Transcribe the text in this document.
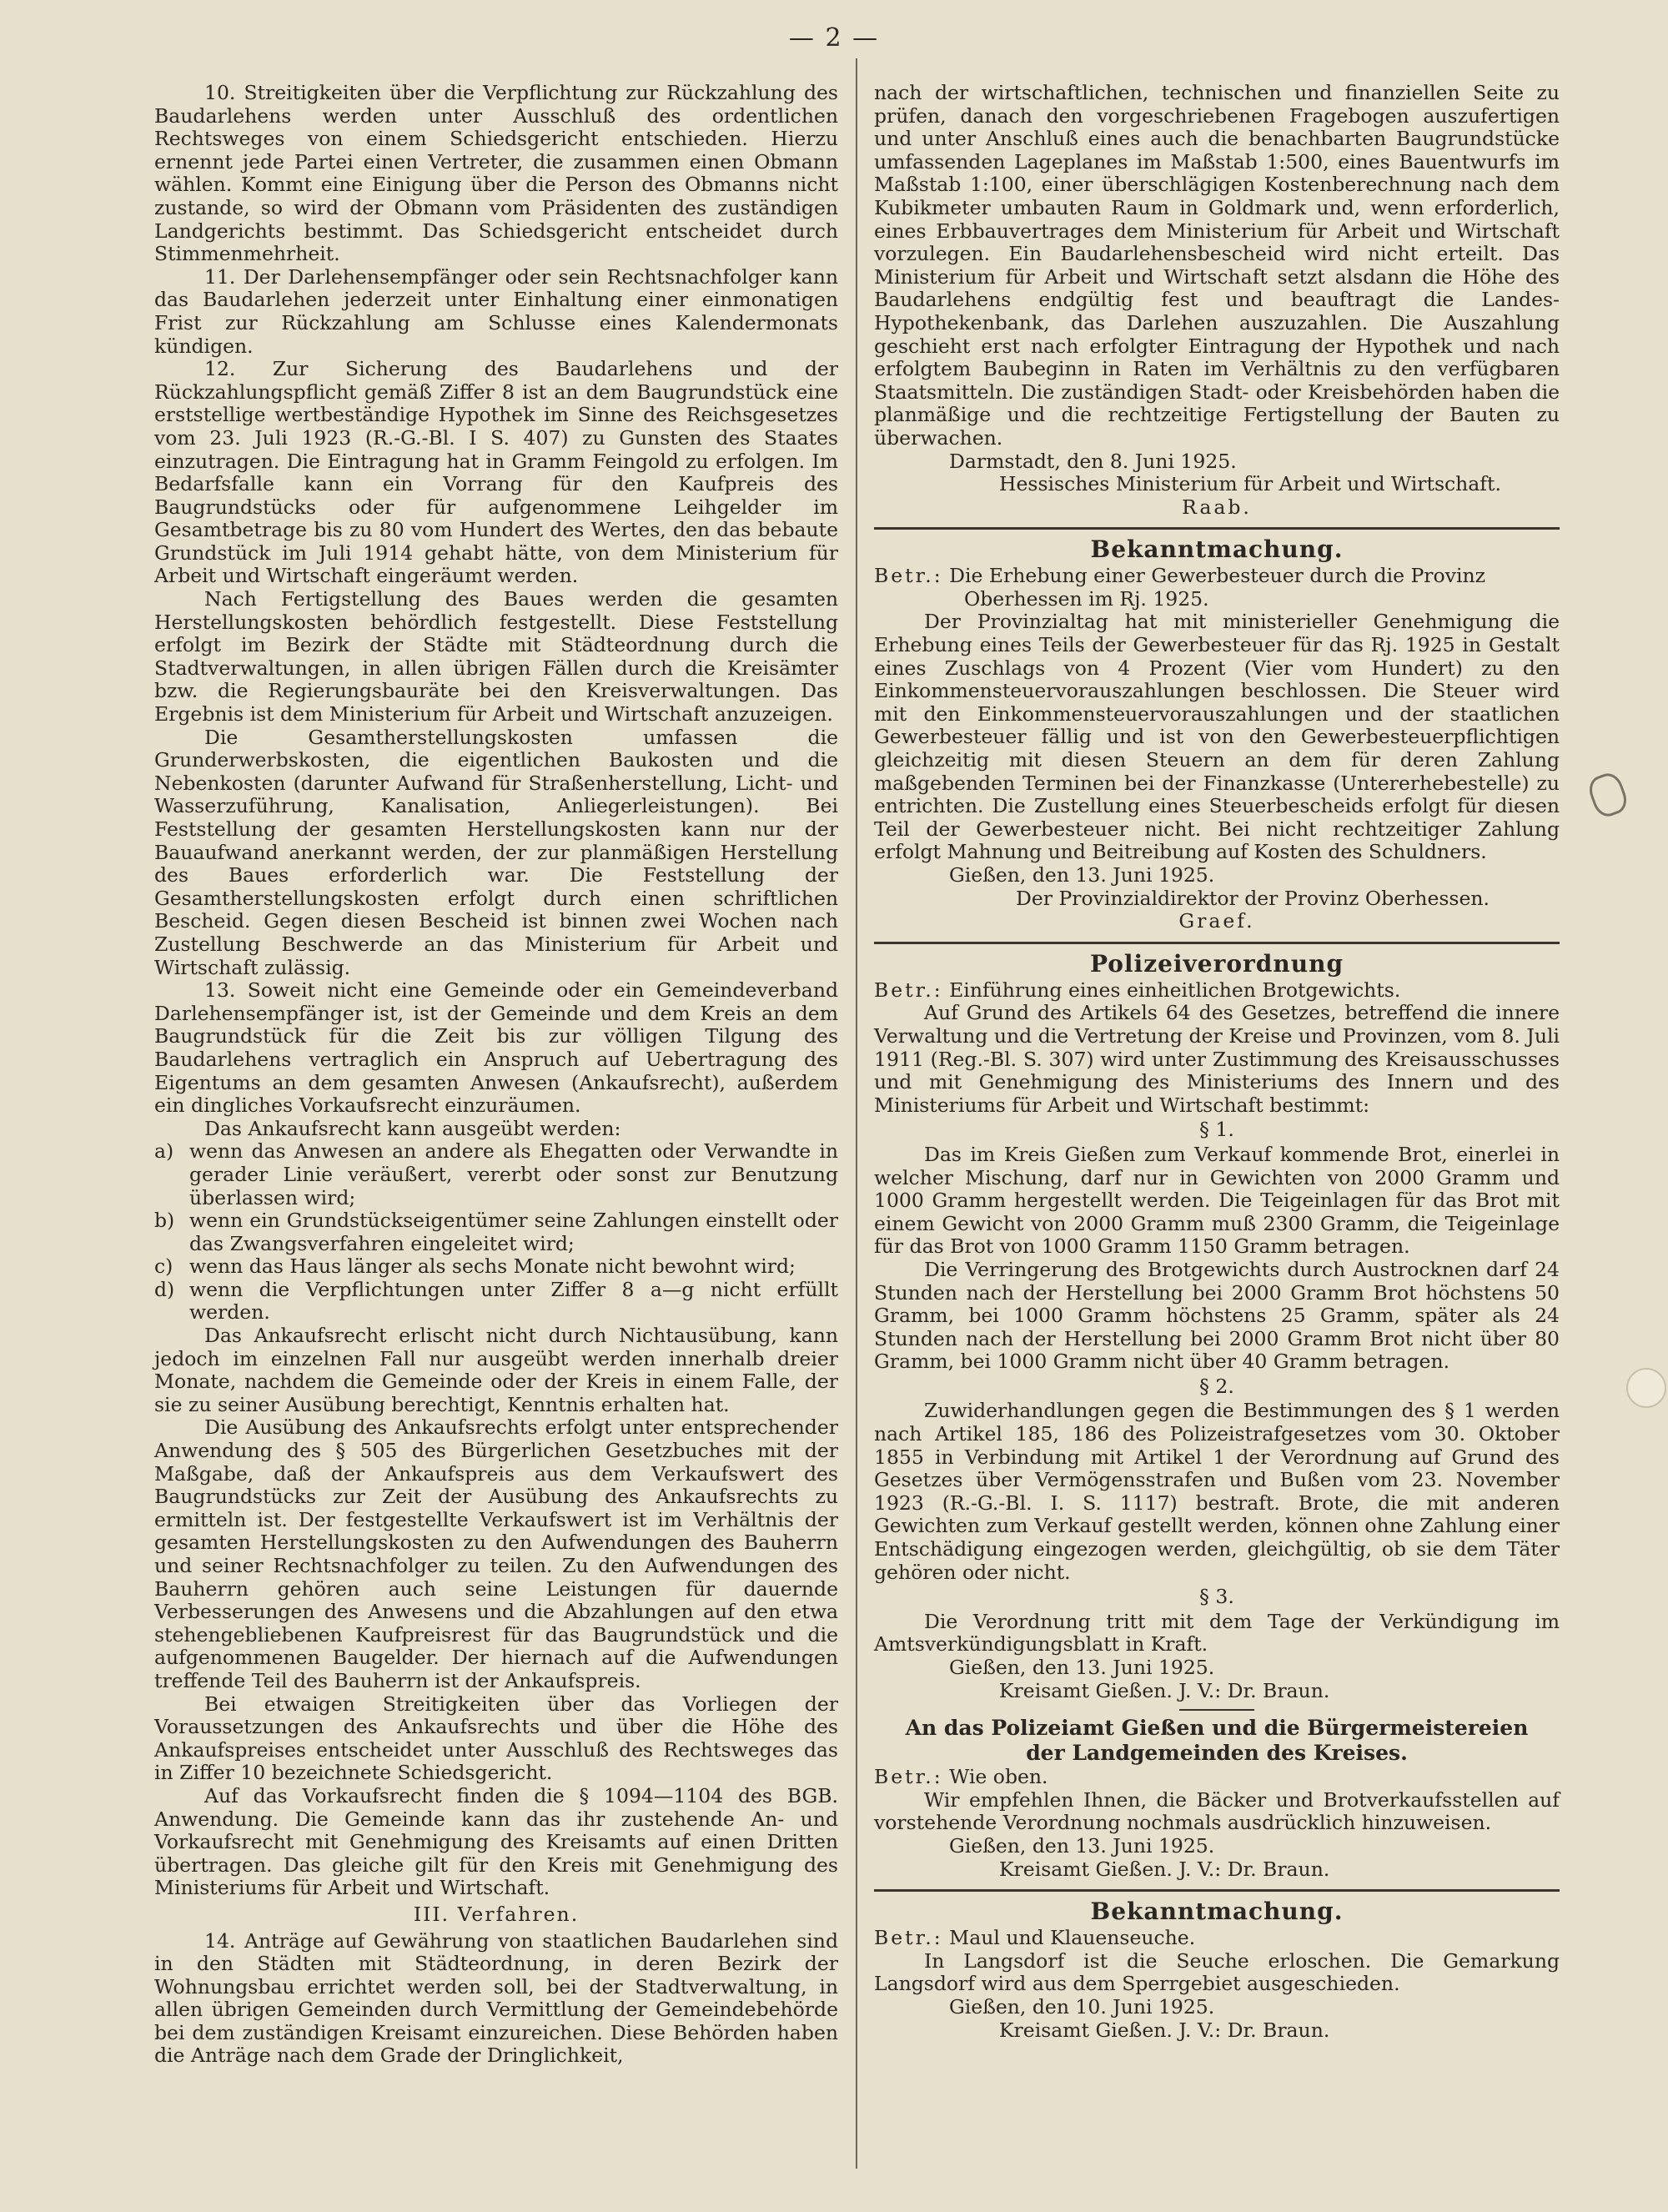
— 2 —

10. Streitigkeiten über die Verpflichtung zur Rückzahlung des Baudarlehens werden unter Ausschluß des ordentlichen Rechtsweges von einem Schiedsgericht entschieden. Hierzu ernennt jede Partei einen Vertreter, die zusammen einen Obmann wählen. Kommt eine Einigung über die Person des Obmanns nicht zustande, so wird der Obmann vom Präsidenten des zuständigen Landgerichts bestimmt. Das Schiedsgericht entscheidet durch Stimmenmehrheit.

11. Der Darlehensempfänger oder sein Rechtsnachfolger kann das Baudarlehen jederzeit unter Einhaltung einer einmonatigen Frist zur Rückzahlung am Schlusse eines Kalendermonats kündigen.

12. Zur Sicherung des Baudarlehens und der Rückzahlungspflicht gemäß Ziffer 8 ist an dem Baugrundstück eine erststellige wertbeständige Hypothek im Sinne des Reichsgesetzes vom 23. Juli 1923 (R.-G.-Bl. I S. 407) zu Gunsten des Staates einzutragen. Die Eintragung hat in Gramm Feingold zu erfolgen. Im Bedarfsfalle kann ein Vorrang für den Kaufpreis des Baugrundstücks oder für aufgenommene Leihgelder im Gesamtbetrage bis zu 80 vom Hundert des Wertes, den das bebaute Grundstück im Juli 1914 gehabt hätte, von dem Ministerium für Arbeit und Wirtschaft eingeräumt werden.

Nach Fertigstellung des Baues werden die gesamten Herstellungskosten behördlich festgestellt. Diese Feststellung erfolgt im Bezirk der Städte mit Städteordnung durch die Stadtverwaltungen, in allen übrigen Fällen durch die Kreisämter bzw. die Regierungsbauräte bei den Kreisverwaltungen. Das Ergebnis ist dem Ministerium für Arbeit und Wirtschaft anzuzeigen.

Die Gesamtherstellungskosten umfassen die Grunderwerbskosten, die eigentlichen Baukosten und die Nebenkosten (darunter Aufwand für Straßenherstellung, Licht- und Wasserzuführung, Kanalisation, Anliegerleistungen). Bei Feststellung der gesamten Herstellungskosten kann nur der Bauaufwand anerkannt werden, der zur planmäßigen Herstellung des Baues erforderlich war. Die Feststellung der Gesamtherstellungskosten erfolgt durch einen schriftlichen Bescheid. Gegen diesen Bescheid ist binnen zwei Wochen nach Zustellung Beschwerde an das Ministerium für Arbeit und Wirtschaft zulässig.

13. Soweit nicht eine Gemeinde oder ein Gemeindeverband Darlehensempfänger ist, ist der Gemeinde und dem Kreis an dem Baugrundstück für die Zeit bis zur völligen Tilgung des Baudarlehens vertraglich ein Anspruch auf Uebertragung des Eigentums an dem gesamten Anwesen (Ankaufsrecht), außerdem ein dingliches Vorkaufsrecht einzuräumen.

Das Ankaufsrecht kann ausgeübt werden:

a) wenn das Anwesen an andere als Ehegatten oder Verwandte in gerader Linie veräußert, vererbt oder sonst zur Benutzung überlassen wird;
b) wenn ein Grundstückseigentümer seine Zahlungen einstellt oder das Zwangsverfahren eingeleitet wird;
c) wenn das Haus länger als sechs Monate nicht bewohnt wird;
d) wenn die Verpflichtungen unter Ziffer 8 a—g nicht erfüllt werden.

Das Ankaufsrecht erlischt nicht durch Nichtausübung, kann jedoch im einzelnen Fall nur ausgeübt werden innerhalb dreier Monate, nachdem die Gemeinde oder der Kreis in einem Falle, der sie zu seiner Ausübung berechtigt, Kenntnis erhalten hat.

Die Ausübung des Ankaufsrechts erfolgt unter entsprechender Anwendung des § 505 des Bürgerlichen Gesetzbuches mit der Maßgabe, daß der Ankaufspreis aus dem Verkaufswert des Baugrundstücks zur Zeit der Ausübung des Ankaufsrechts zu ermitteln ist. Der festgestellte Verkaufswert ist im Verhältnis der gesamten Herstellungskosten zu den Aufwendungen des Bauherrn und seiner Rechtsnachfolger zu teilen. Zu den Aufwendungen des Bauherrn gehören auch seine Leistungen für dauernde Verbesserungen des Anwesens und die Abzahlungen auf den etwa stehengebliebenen Kaufpreisrest für das Baugrundstück und die aufgenommenen Baugelder. Der hiernach auf die Aufwendungen treffende Teil des Bauherrn ist der Ankaufspreis.

Bei etwaigen Streitigkeiten über das Vorliegen der Voraussetzungen des Ankaufsrechts und über die Höhe des Ankaufspreises entscheidet unter Ausschluß des Rechtsweges das in Ziffer 10 bezeichnete Schiedsgericht.

Auf das Vorkaufsrecht finden die § 1094—1104 des BGB. Anwendung. Die Gemeinde kann das ihr zustehende An- und Vorkaufsrecht mit Genehmigung des Kreisamts auf einen Dritten übertragen. Das gleiche gilt für den Kreis mit Genehmigung des Ministeriums für Arbeit und Wirtschaft.

III. Verfahren.

14. Anträge auf Gewährung von staatlichen Baudarlehen sind in den Städten mit Städteordnung, in deren Bezirk der Wohnungsbau errichtet werden soll, bei der Stadtverwaltung, in allen übrigen Gemeinden durch Vermittlung der Gemeindebehörde bei dem zuständigen Kreisamt einzureichen. Diese Behörden haben die Anträge nach dem Grade der Dringlichkeit,

nach der wirtschaftlichen, technischen und finanziellen Seite zu prüfen, danach den vorgeschriebenen Fragebogen auszufertigen und unter Anschluß eines auch die benachbarten Baugrundstücke umfassenden Lageplanes im Maßstab 1:500, eines Bauentwurfs im Maßstab 1:100, einer überschlägigen Kostenberechnung nach dem Kubikmeter umbauten Raum in Goldmark und, wenn erforderlich, eines Erbbauvertrages dem Ministerium für Arbeit und Wirtschaft vorzulegen. Ein Baudarlehensbescheid wird nicht erteilt. Das Ministerium für Arbeit und Wirtschaft setzt alsdann die Höhe des Baudarlehens endgültig fest und beauftragt die Landes-Hypothekenbank, das Darlehen auszuzahlen. Die Auszahlung geschieht erst nach erfolgter Eintragung der Hypothek und nach erfolgtem Baubeginn in Raten im Verhältnis zu den verfügbaren Staatsmitteln. Die zuständigen Stadt- oder Kreisbehörden haben die planmäßige und die rechtzeitige Fertigstellung der Bauten zu überwachen.

Darmstadt, den 8. Juni 1925.

Hessisches Ministerium für Arbeit und Wirtschaft.

Raab.

Bekanntmachung.

Betr.: Die Erhebung einer Gewerbesteuer durch die Provinz

Oberhessen im Rj. 1925.

Der Provinzialtag hat mit ministerieller Genehmigung die Erhebung eines Teils der Gewerbesteuer für das Rj. 1925 in Gestalt eines Zuschlags von 4 Prozent (Vier vom Hundert) zu den Einkommensteuervorauszahlungen beschlossen. Die Steuer wird mit den Einkommensteuervorauszahlungen und der staatlichen Gewerbesteuer fällig und ist von den Gewerbesteuerpflichtigen gleichzeitig mit diesen Steuern an dem für deren Zahlung maßgebenden Terminen bei der Finanzkasse (Untererhebestelle) zu entrichten. Die Zustellung eines Steuerbescheids erfolgt für diesen Teil der Gewerbesteuer nicht. Bei nicht rechtzeitiger Zahlung erfolgt Mahnung und Beitreibung auf Kosten des Schuldners.

Gießen, den 13. Juni 1925.

Der Provinzialdirektor der Provinz Oberhessen.

Graef.

Polizeiverordnung

Betr.: Einführung eines einheitlichen Brotgewichts.

Auf Grund des Artikels 64 des Gesetzes, betreffend die innere Verwaltung und die Vertretung der Kreise und Provinzen, vom 8. Juli 1911 (Reg.-Bl. S. 307) wird unter Zustimmung des Kreisausschusses und mit Genehmigung des Ministeriums des Innern und des Ministeriums für Arbeit und Wirtschaft bestimmt:

§ 1.

Das im Kreis Gießen zum Verkauf kommende Brot, einerlei in welcher Mischung, darf nur in Gewichten von 2000 Gramm und 1000 Gramm hergestellt werden. Die Teigeinlagen für das Brot mit einem Gewicht von 2000 Gramm muß 2300 Gramm, die Teigeinlage für das Brot von 1000 Gramm 1150 Gramm betragen.

Die Verringerung des Brotgewichts durch Austrocknen darf 24 Stunden nach der Herstellung bei 2000 Gramm Brot höchstens 50 Gramm, bei 1000 Gramm höchstens 25 Gramm, später als 24 Stunden nach der Herstellung bei 2000 Gramm Brot nicht über 80 Gramm, bei 1000 Gramm nicht über 40 Gramm betragen.

§ 2.

Zuwiderhandlungen gegen die Bestimmungen des § 1 werden nach Artikel 185, 186 des Polizeistrafgesetzes vom 30. Oktober 1855 in Verbindung mit Artikel 1 der Verordnung auf Grund des Gesetzes über Vermögensstrafen und Bußen vom 23. November 1923 (R.-G.-Bl. I. S. 1117) bestraft. Brote, die mit anderen Gewichten zum Verkauf gestellt werden, können ohne Zahlung einer Entschädigung eingezogen werden, gleichgültig, ob sie dem Täter gehören oder nicht.

§ 3.

Die Verordnung tritt mit dem Tage der Verkündigung im Amtsverkündigungsblatt in Kraft.

Gießen, den 13. Juni 1925.

Kreisamt Gießen. J. V.: Dr. Braun.

An das Polizeiamt Gießen und die Bürgermeistereien der Landgemeinden des Kreises.

Betr.: Wie oben.

Wir empfehlen Ihnen, die Bäcker und Brotverkaufsstellen auf vorstehende Verordnung nochmals ausdrücklich hinzuweisen.

Gießen, den 13. Juni 1925.

Kreisamt Gießen. J. V.: Dr. Braun.

Bekanntmachung.

Betr.: Maul und Klauenseuche.

In Langsdorf ist die Seuche erloschen. Die Gemarkung Langsdorf wird aus dem Sperrgebiet ausgeschieden.

Gießen, den 10. Juni 1925.

Kreisamt Gießen. J. V.: Dr. Braun.
